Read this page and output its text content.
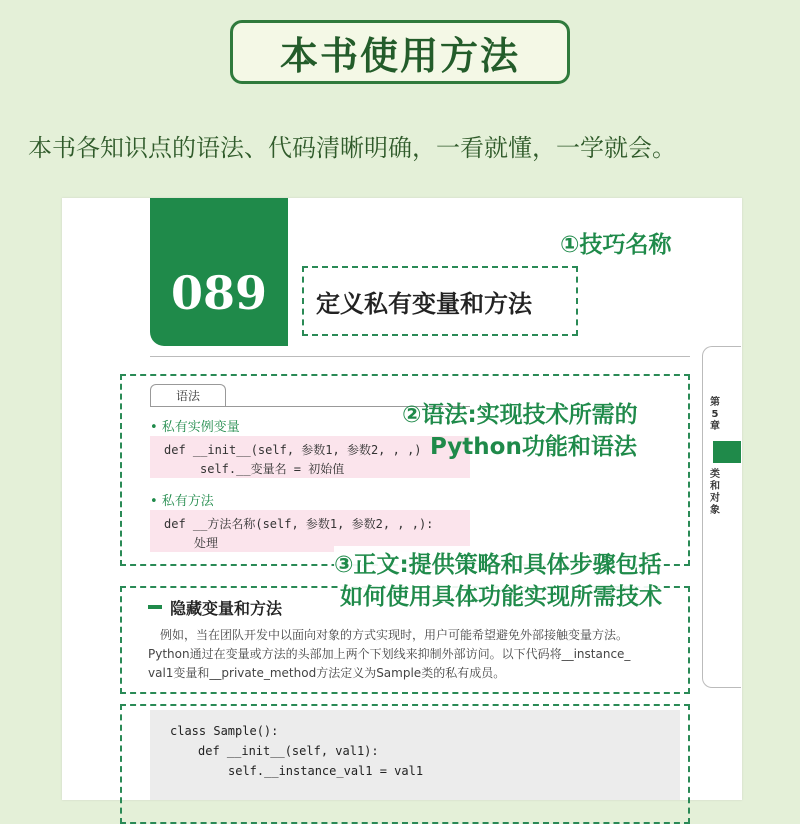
本书使用方法
本书各知识点的语法、代码清晰明确，一看就懂，一学就会。
089	定义私有变量和方法
语法
• 私有实例变量
def __init__(self, 参数1, 参数2, , ,)
self.__变量名 = 初始值
• 私有方法
def __方法名称(self, 参数1, 参数2, , ,):
处理
隐藏变量和方法
例如，当在团队开发中以面向对象的方式实现时，用户可能希望避免外部接触变量方法。
Python通过在变量或方法的头部加上两个下划线来抑制外部访问。以下代码将__instance_
val1变量和__private_method方法定义为Sample类的私有成员。
class Sample():
def __init__(self, val1):
self.__instance_val1 = val1
第5章
类和对象
①技巧名称
②语法:实现技术所需的
Python功能和语法
③正文:提供策略和具体步骤包括
如何使用具体功能实现所需技术
